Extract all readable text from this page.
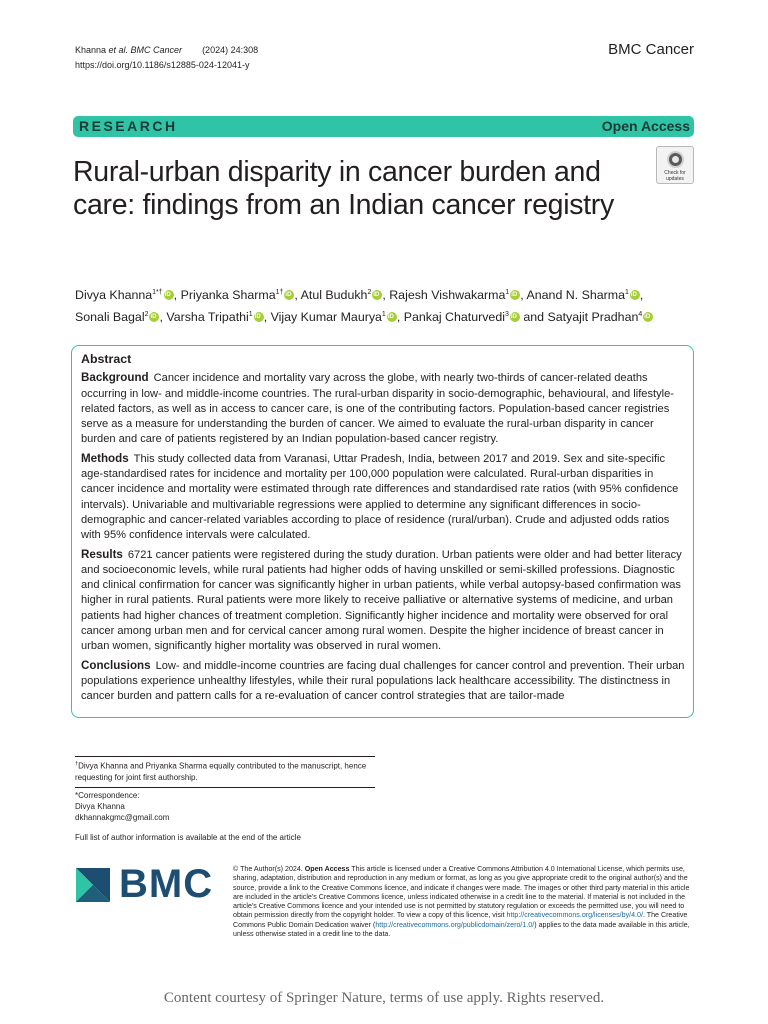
Khanna et al. BMC Cancer (2024) 24:308
https://doi.org/10.1186/s12885-024-12041-y
BMC Cancer
RESEARCH	Open Access
Check for updates
Rural-urban disparity in cancer burden and care: findings from an Indian cancer registry
Divya Khanna$^{1*\dagger}$ iD , Priyanka Sharma$^{1\dagger}$ iD , Atul Budukh$^2$ iD , Rajesh Vishwakarma$^1$ iD , Anand N. Sharma$^1$ iD ,
Sonali Bagal$^2$ iD , Varsha Tripathi$^1$ iD , Vijay Kumar Maurya$^1$ iD , Pankaj Chaturvedi$^3$iD and Satyajit Pradhan$^4$iD
Abstract
Background Cancer incidence and mortality vary across the globe, with nearly two-thirds of cancer-related deaths occurring in low- and middle-income countries. The rural-urban disparity in socio-demographic, behavioural, and lifestyle-related factors, as well as in access to cancer care, is one of the contributing factors. Population-based cancer registries serve as a measure for understanding the burden of cancer. We aimed to evaluate the rural-urban disparity in cancer burden and care of patients registered by an Indian population-based cancer registry.
Methods This study collected data from Varanasi, Uttar Pradesh, India, between 2017 and 2019. Sex and site-specific age-standardised rates for incidence and mortality per 100,000 population were calculated. Rural-urban disparities in cancer incidence and mortality were estimated through rate differences and standardised rate ratios (with 95% confidence intervals). Univariable and multivariable regressions were applied to determine any significant differences in socio-demographic and cancer-related variables according to place of residence (rural/urban). Crude and adjusted odds ratios with 95% confidence intervals were calculated.
Results 6721 cancer patients were registered during the study duration. Urban patients were older and had better literacy and socioeconomic levels, while rural patients had higher odds of having unskilled or semi-skilled professions. Diagnostic and clinical confirmation for cancer was significantly higher in urban patients, while verbal autopsy-based confirmation was higher in rural patients. Rural patients were more likely to receive palliative or alternative systems of medicine, and urban patients had higher chances of treatment completion. Significantly higher incidence and mortality were observed for oral cancer among urban men and for cervical cancer among rural women. Despite the higher incidence of breast cancer in urban women, significantly higher mortality was observed in rural women.
Conclusions Low- and middle-income countries are facing dual challenges for cancer control and prevention. Their urban populations experience unhealthy lifestyles, while their rural populations lack healthcare accessibility. The distinctness in cancer burden and pattern calls for a re-evaluation of cancer control strategies that are tailor-made
†Divya Khanna and Priyanka Sharma equally contributed to the manuscript, hence requesting for joint first authorship.
*Correspondence:
Divya Khanna
dkhannakgmc@gmail.com
Full list of author information is available at the end of the article
BMC	© The Author(s) 2024. Open Access This article is licensed under a Creative Commons Attribution 4.0 International License, which permits use, sharing, adaptation, distribution and reproduction in any medium or format, as long as you give appropriate credit to the original author(s) and the source, provide a link to the Creative Commons licence, and indicate if changes were made. The images or other third party material in this article are included in the article's Creative Commons licence, unless indicated otherwise in a credit line to the material. If material is not included in the article's Creative Commons licence and your intended use is not permitted by statutory regulation or exceeds the permitted use, you will need to obtain permission directly from the copyright holder. To view a copy of this licence, visit http://creativecommons.org/licenses/by/4.0/. The Creative Commons Public Domain Dedication waiver (http://creativecommons.org/publicdomain/zero/1.0/) applies to the data made available in this article, unless otherwise stated in a credit line to the data.
Content courtesy of Springer Nature, terms of use apply. Rights reserved.
